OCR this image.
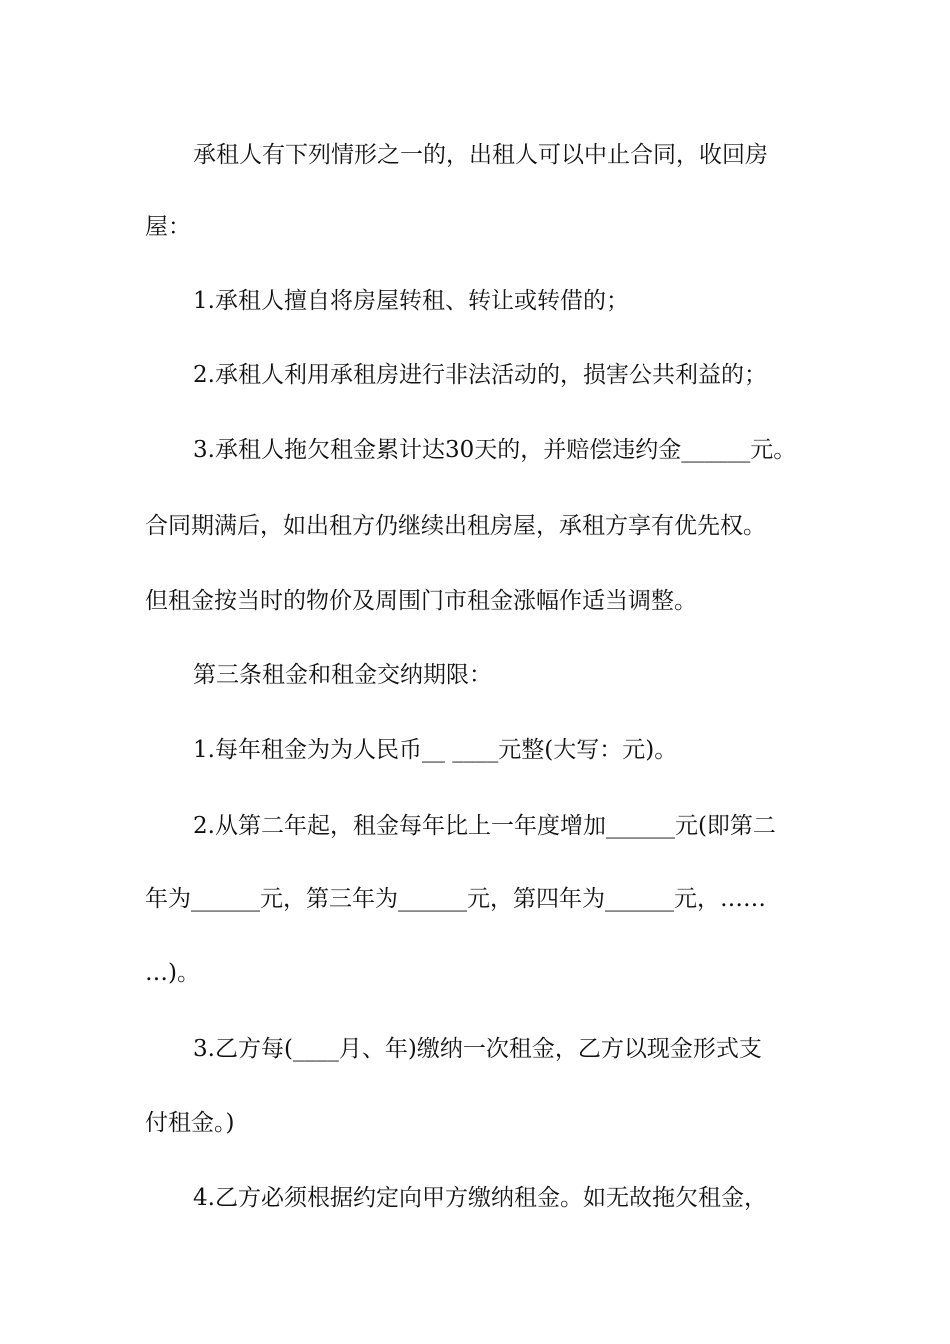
承租人有下列情形之一的，出租人可以中止合同，收回房
屋：
1.承租人擅自将房屋转租、转让或转借的；
2.承租人利用承租房进行非法活动的，损害公共利益的；
3.承租人拖欠租金累计达30天的，并赔偿违约金______元。
合同期满后，如出租方仍继续出租房屋，承租方享有优先权。
但租金按当时的物价及周围门市租金涨幅作适当调整。
第三条租金和租金交纳期限：
1.每年租金为为人民币__ ____元整(大写：元)。
2.从第二年起，租金每年比上一年度增加______元(即第二
年为______元，第三年为______元，第四年为______元，……
…)。
3.乙方每(____月、年)缴纳一次租金，乙方以现金形式支
付租金。)
4.乙方必须根据约定向甲方缴纳租金。如无故拖欠租金，
